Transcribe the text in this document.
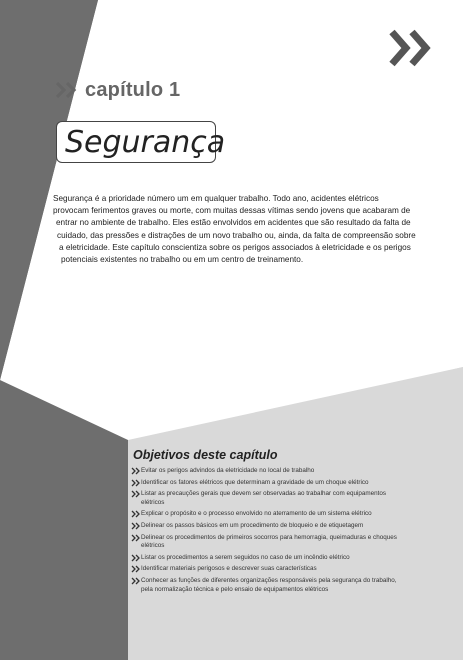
capítulo 1
Segurança
Segurança é a prioridade número um em qualquer trabalho. Todo ano, acidentes elétricos
provocam ferimentos graves ou morte, com muitas dessas vítimas sendo jovens que acabaram de
entrar no ambiente de trabalho. Eles estão envolvidos em acidentes que são resultado da falta de
cuidado, das pressões e distrações de um novo trabalho ou, ainda, da falta de compreensão sobre
a eletricidade. Este capítulo conscientiza sobre os perigos associados à eletricidade e os perigos
potenciais existentes no trabalho ou em um centro de treinamento.
Objetivos deste capítulo
Evitar os perigos advindos da eletricidade no local de trabalho
Identificar os fatores elétricos que determinam a gravidade de um choque elétrico
Listar as precauções gerais que devem ser observadas ao trabalhar com equipamentos elétricos
Explicar o propósito e o processo envolvido no aterramento de um sistema elétrico
Delinear os passos básicos em um procedimento de bloqueio e de etiquetagem
Delinear os procedimentos de primeiros socorros para hemorragia, queimaduras e choques elétricos
Listar os procedimentos a serem seguidos no caso de um incêndio elétrico
Identificar materiais perigosos e descrever suas características
Conhecer as funções de diferentes organizações responsáveis pela segurança do trabalho, pela normalização técnica e pelo ensaio de equipamentos elétricos
